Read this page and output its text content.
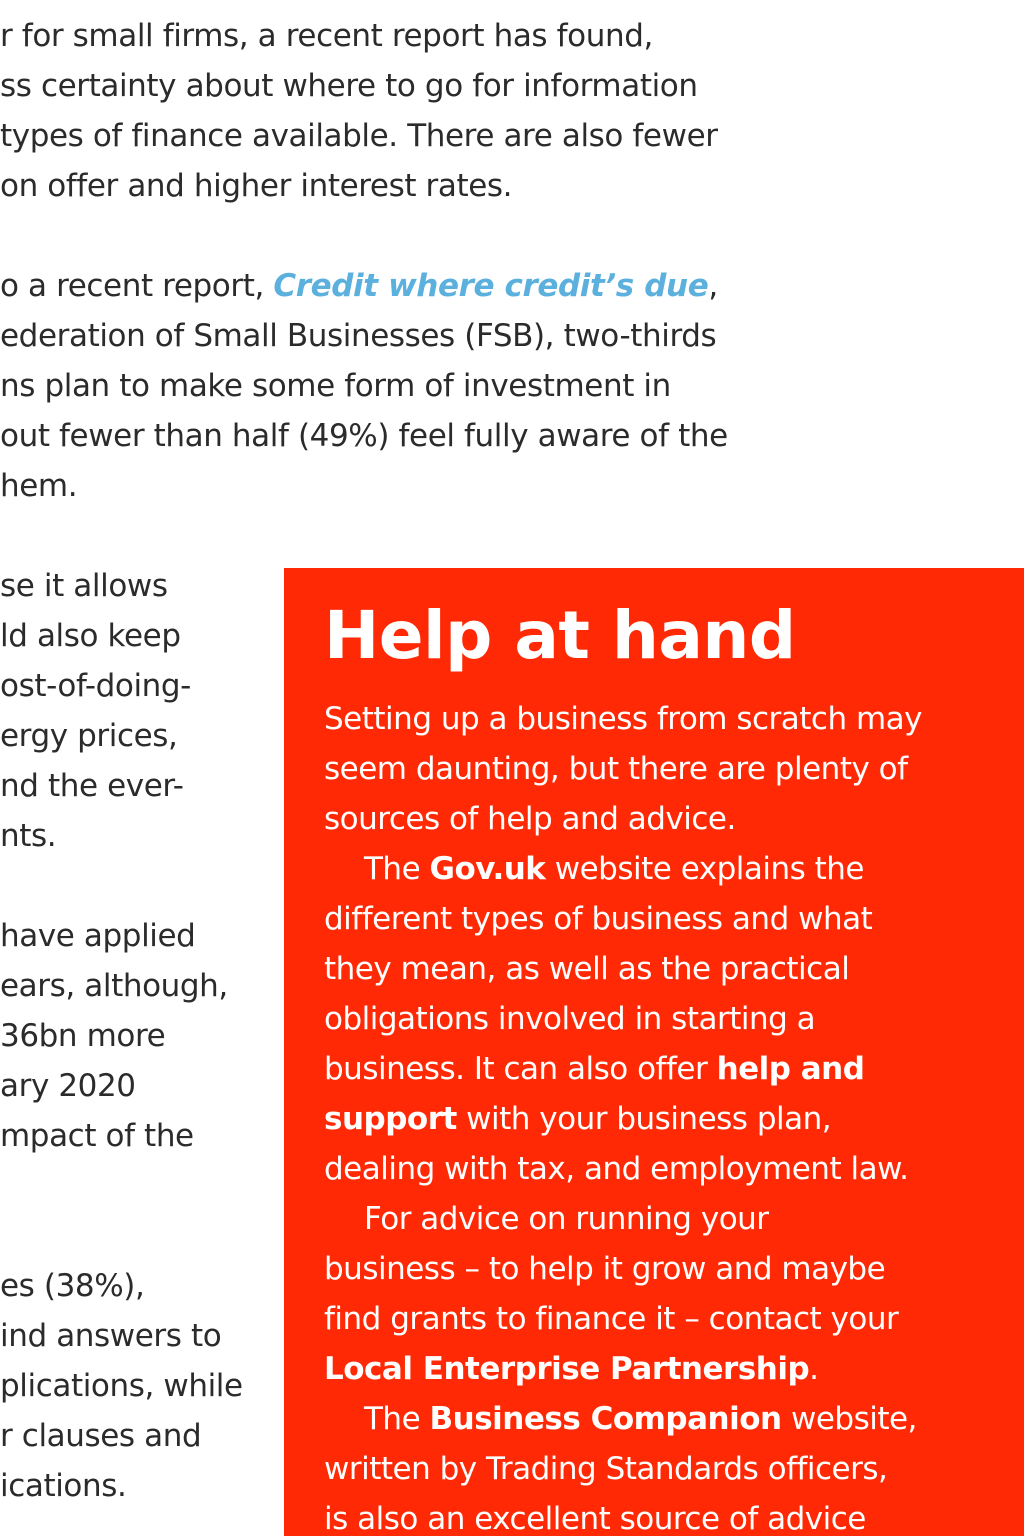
r for small firms, a recent report has found,
ss certainty about where to go for information
types of finance available. There are also fewer
on offer and higher interest rates.
o a recent report, Credit where credit’s due,
ederation of Small Businesses (FSB), two-thirds
ns plan to make some form of investment in
out fewer than half (49%) feel fully aware of the
hem.
se it allows
ld also keep
ost-of-doing-
ergy prices,
nd the ever-
nts.
have applied
ears, although,
36bn more
ary 2020
mpact of the
es (38%),
ind answers to
plications, while
r clauses and
ications.
Help at hand
Setting up a business from scratch may
seem daunting, but there are plenty of
sources of help and advice.
The Gov.uk website explains the
different types of business and what
they mean, as well as the practical
obligations involved in starting a
business. It can also offer help and
support with your business plan,
dealing with tax, and employment law.
For advice on running your
business – to help it grow and maybe
find grants to finance it – contact your
Local Enterprise Partnership.
The Business Companion website,
written by Trading Standards officers,
is also an excellent source of advice
